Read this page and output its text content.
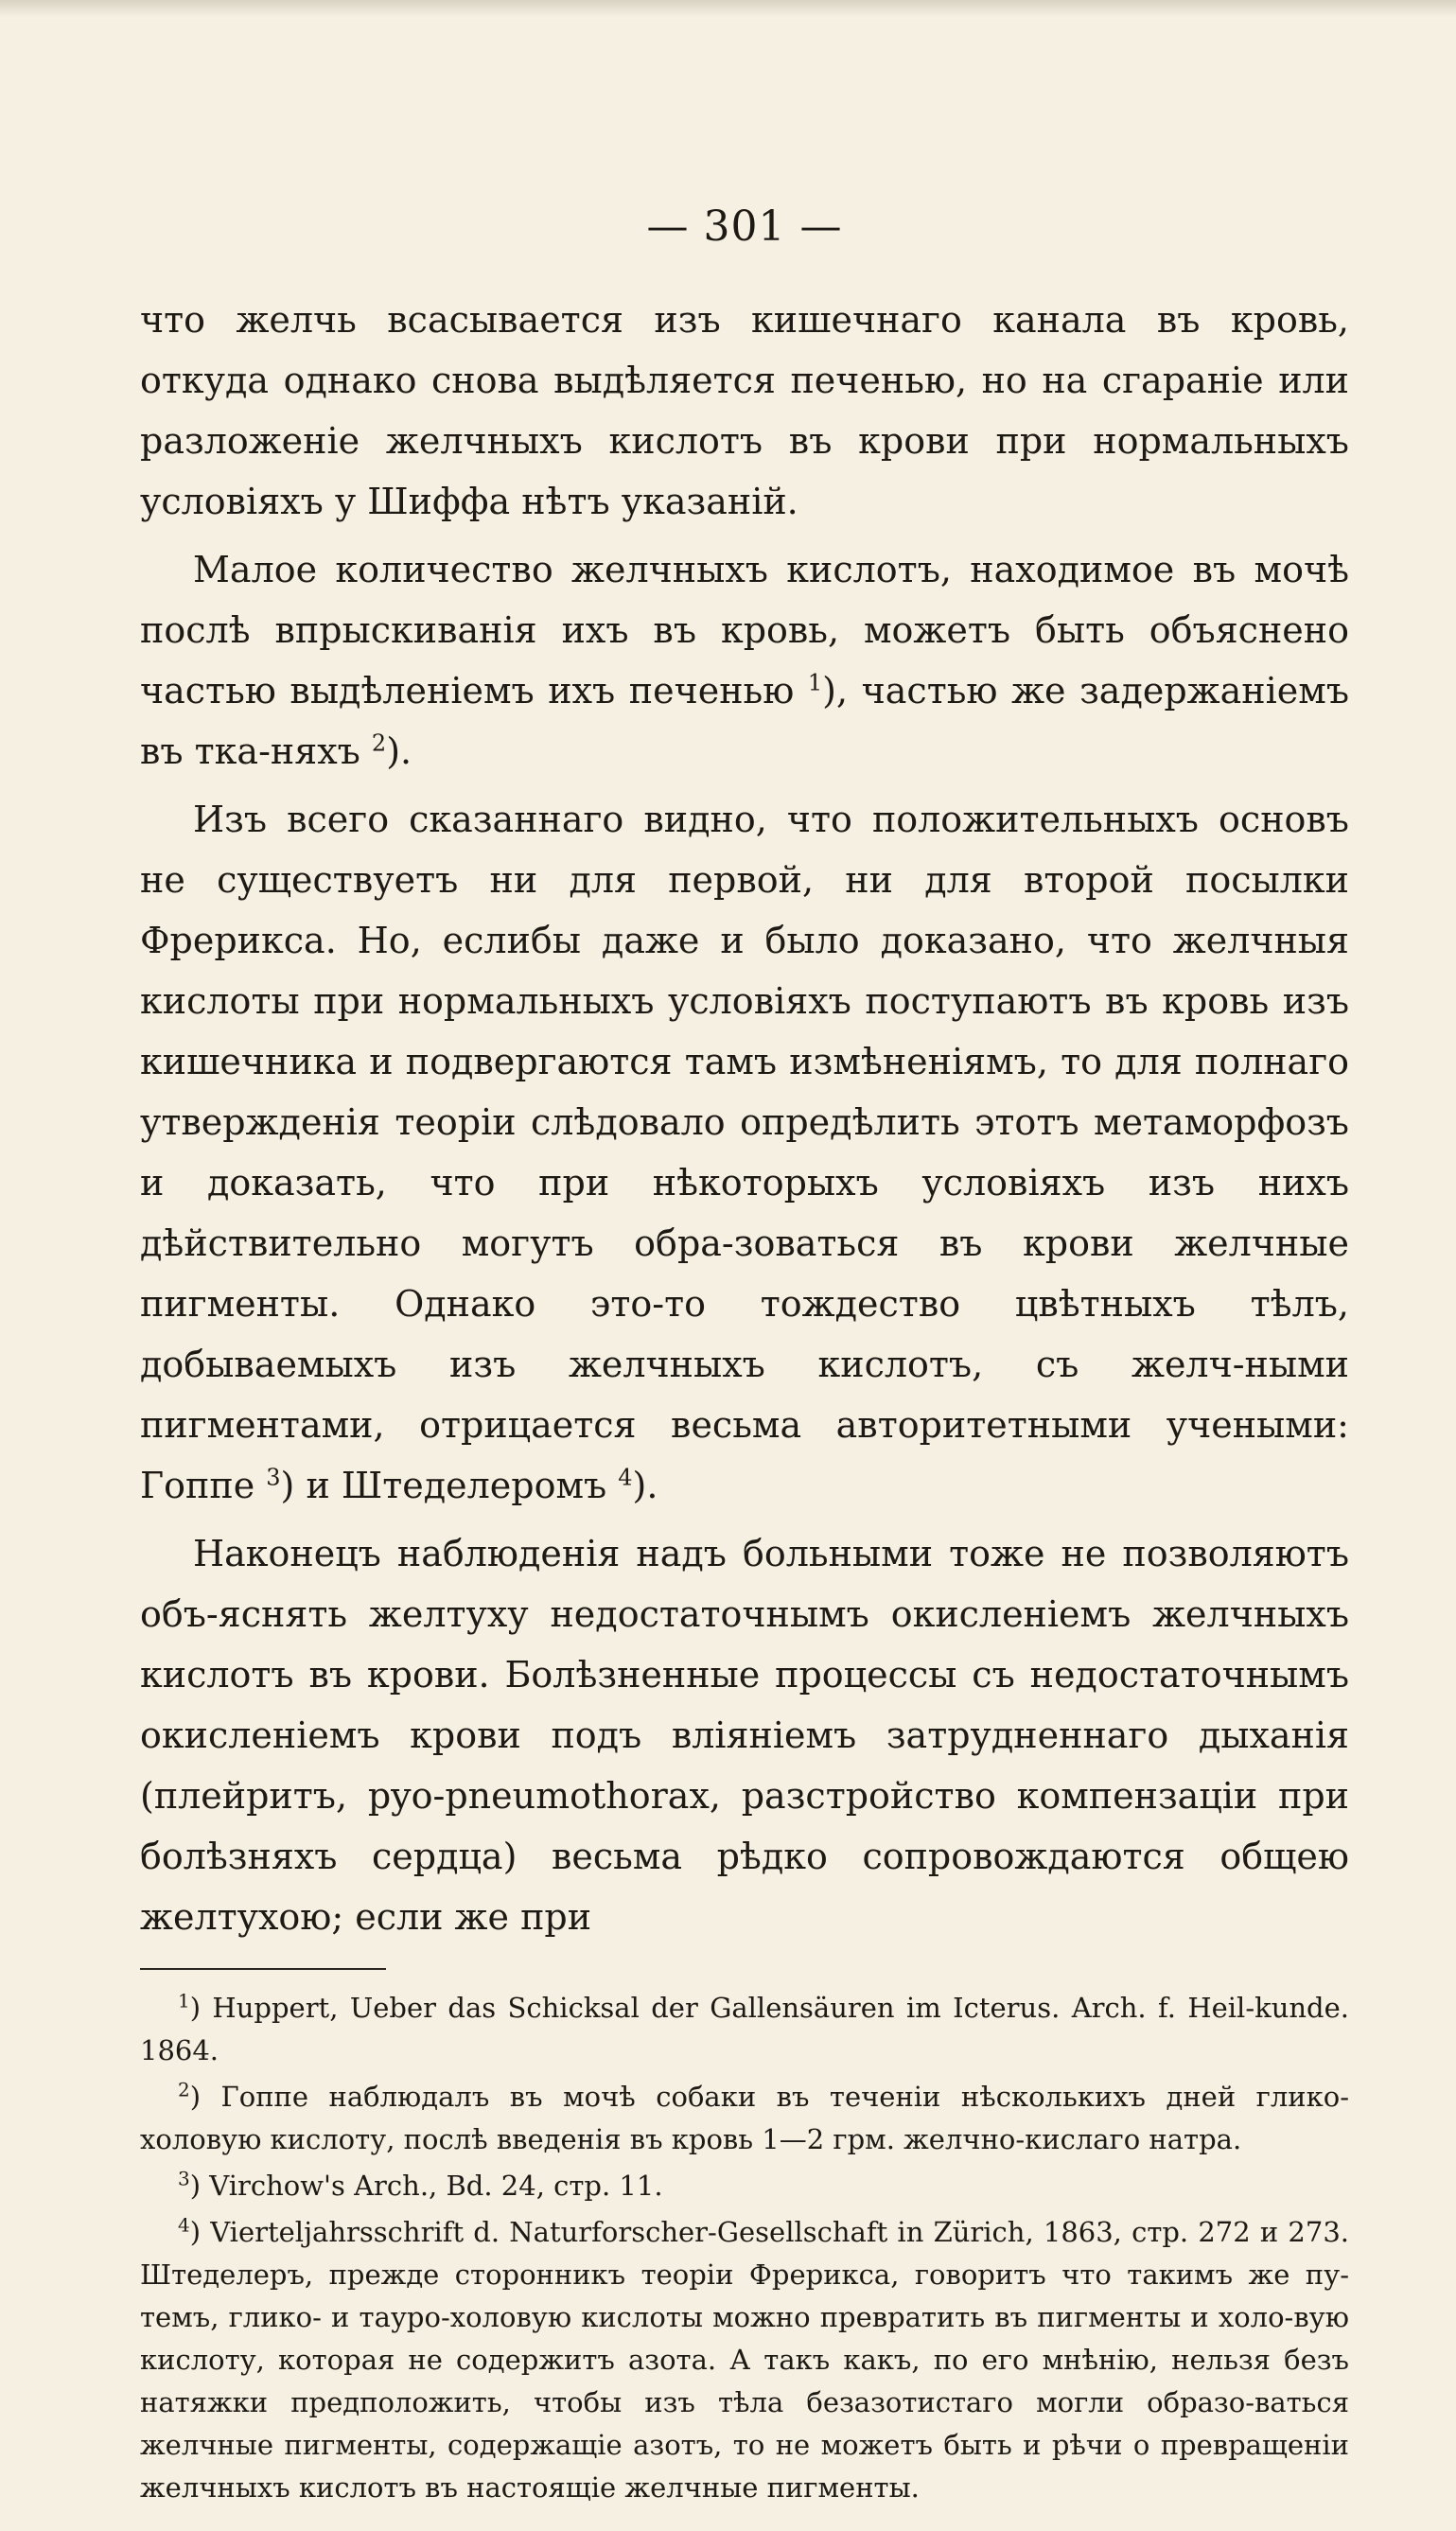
— 301 —

что желчь всасывается изъ кишечнаго канала въ кровь, откуда однако снова выдѣляется печенью, но на сгараніе или разложеніе желчныхъ кислотъ въ крови при нормальныхъ условіяхъ у Шиффа нѣтъ указаній.

Малое количество желчныхъ кислотъ, находимое въ мочѣ послѣ впрыскиванія ихъ въ кровь, можетъ быть объяснено частью выдѣленіемъ ихъ печенью $^1$), частью же задержаніемъ въ тка-няхъ $^2$).

Изъ всего сказаннаго видно, что положительныхъ основъ не существуетъ ни для первой, ни для второй посылки Фрерикса. Но, еслибы даже и было доказано, что желчныя кислоты при нормальныхъ условіяхъ поступаютъ въ кровь изъ кишечника и подвергаются тамъ измѣненіямъ, то для полнаго утвержденія теоріи слѣдовало опредѣлить этотъ метаморфозъ и доказать, что при нѣкоторыхъ условіяхъ изъ нихъ дѣйствительно могутъ обра-зоваться въ крови желчные пигменты. Однако это-то тождество цвѣтныхъ тѣлъ, добываемыхъ изъ желчныхъ кислотъ, съ желч-ными пигментами, отрицается весьма авторитетными учеными: Гоппе $^3$) и Штеделеромъ $^4$).

Наконецъ наблюденія надъ больными тоже не позволяютъ объ-яснять желтуху недостаточнымъ окисленіемъ желчныхъ кислотъ въ крови. Болѣзненные процессы съ недостаточнымъ окисленіемъ крови подъ вліяніемъ затрудненнаго дыханія (плейритъ, pyo-pneumothorax, разстройство компензаціи при болѣзняхъ сердца) весьма рѣдко сопровождаются общею желтухою; если же при

$^1$) Huppert, Ueber das Schicksal der Gallensäuren im Icterus. Arch. f. Heil-kunde. 1864.

$^2$) Гоппе наблюдалъ въ мочѣ собаки въ теченіи нѣсколькихъ дней глико-холовую кислоту, послѣ введенія въ кровь 1—2 грм. желчно-кислаго натра.

$^3$) Virchow's Arch., Bd. 24, стр. 11.

$^4$) Vierteljahrsschrift d. Naturforscher-Gesellschaft in Zürich, 1863, стр. 272 и 273. Штеделеръ, прежде сторонникъ теоріи Фрерикса, говоритъ что такимъ же пу-темъ, глико- и тауро-холовую кислоты можно превратить въ пигменты и холо-вую кислоту, которая не содержитъ азота. А такъ какъ, по его мнѣнію, нельзя безъ натяжки предположить, чтобы изъ тѣла безазотистаго могли образо-ваться желчные пигменты, содержащіе азотъ, то не можетъ быть и рѣчи о превращеніи желчныхъ кислотъ въ настоящіе желчные пигменты.
